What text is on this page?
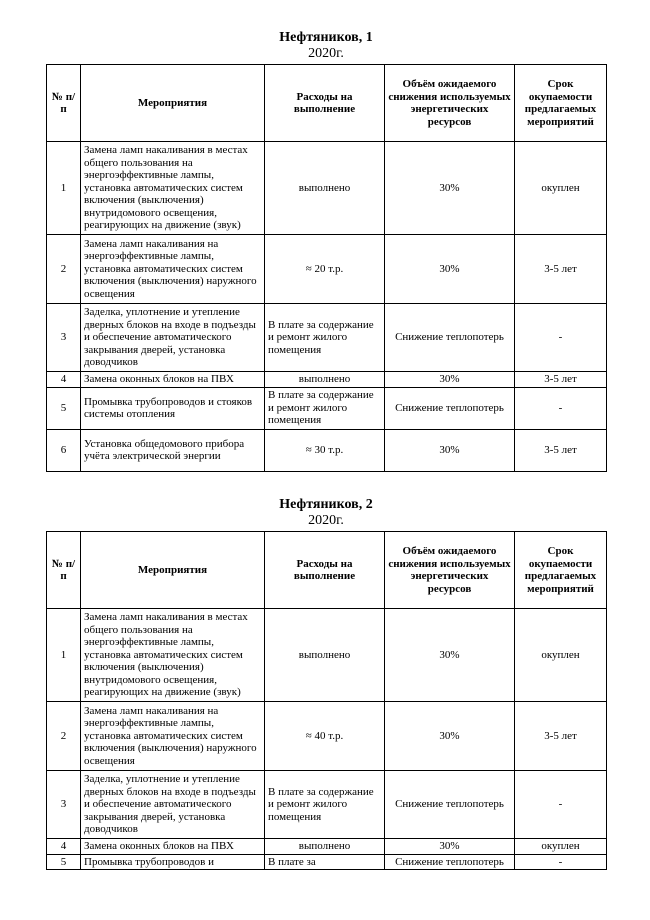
Нефтяников, 1
2020г.
№ п/п	Мероприятия	Расходы на выполнение	Объём ожидаемого снижения используемых энергетических ресурсов	Срок окупаемости предлагаемых мероприятий
1	Замена ламп накаливания в местах общего пользования на энергоэффективные лампы, установка автоматических систем включения (выключения) внутридомового освещения, реагирующих на движение (звук)	выполнено	30%	окуплен
2	Замена ламп накаливания на энергоэффективные лампы, установка автоматических систем включения (выключения) наружного освещения	≈ 20 т.р.	30%	3-5 лет
3	Заделка, уплотнение и утепление дверных блоков на входе в подъезды и обеспечение автоматического закрывания дверей, установка доводчиков	В плате за содержание и ремонт жилого помещения	Снижение теплопотерь	-
4	Замена оконных блоков на ПВХ	выполнено	30%	3-5 лет
5	Промывка трубопроводов и стояков системы отопления	В плате за содержание и ремонт жилого помещения	Снижение теплопотерь	-
6	Установка общедомового прибора учёта электрической энергии	≈ 30 т.р.	30%	3-5 лет
Нефтяников, 2
2020г.
№ п/п	Мероприятия	Расходы на выполнение	Объём ожидаемого снижения используемых энергетических ресурсов	Срок окупаемости предлагаемых мероприятий
1	Замена ламп накаливания в местах общего пользования на энергоэффективные лампы, установка автоматических систем включения (выключения) внутридомового освещения, реагирующих на движение (звук)	выполнено	30%	окуплен
2	Замена ламп накаливания на энергоэффективные лампы, установка автоматических систем включения (выключения) наружного освещения	≈ 40 т.р.	30%	3-5 лет
3	Заделка, уплотнение и утепление дверных блоков на входе в подъезды и обеспечение автоматического закрывания дверей, установка доводчиков	В плате за содержание и ремонт жилого помещения	Снижение теплопотерь	-
4	Замена оконных блоков на ПВХ	выполнено	30%	окуплен
5	Промывка трубопроводов и	В плате за	Снижение теплопотерь	-
